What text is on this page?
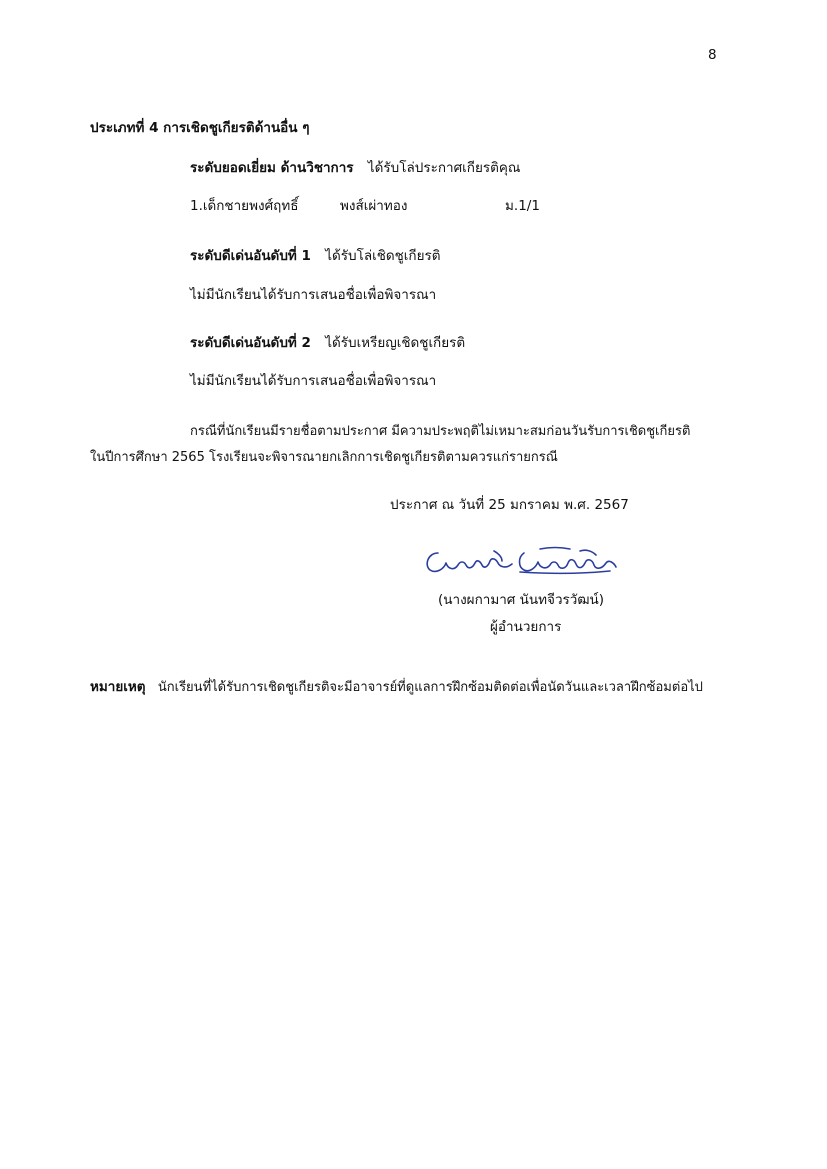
8
ประเภทที่ 4 การเชิดชูเกียรติด้านอื่น ๆ
ระดับยอดเยี่ยม ด้านวิชาการ ได้รับโล่ประกาศเกียรติคุณ
1.เด็กชายพงศ์ฤทธิ์	พงส์เผ่าทอง	ม.1/1
ระดับดีเด่นอันดับที่ 1 ได้รับโล่เชิดชูเกียรติ
ไม่มีนักเรียนได้รับการเสนอชื่อเพื่อพิจารณา
ระดับดีเด่นอันดับที่ 2 ได้รับเหรียญเชิดชูเกียรติ
ไม่มีนักเรียนได้รับการเสนอชื่อเพื่อพิจารณา
กรณีที่นักเรียนมีรายชื่อตามประกาศ มีความประพฤติไม่เหมาะสมก่อนวันรับการเชิดชูเกียรติ
ในปีการศึกษา 2565 โรงเรียนจะพิจารณายกเลิกการเชิดชูเกียรติตามควรแก่รายกรณี
ประกาศ ณ วันที่ 25 มกราคม พ.ศ. 2567
(นางผกามาศ นันทจีวรวัฒน์)
ผู้อำนวยการ
หมายเหตุ นักเรียนที่ได้รับการเชิดชูเกียรติจะมีอาจารย์ที่ดูแลการฝึกซ้อมติดต่อเพื่อนัดวันและเวลาฝึกซ้อมต่อไป
